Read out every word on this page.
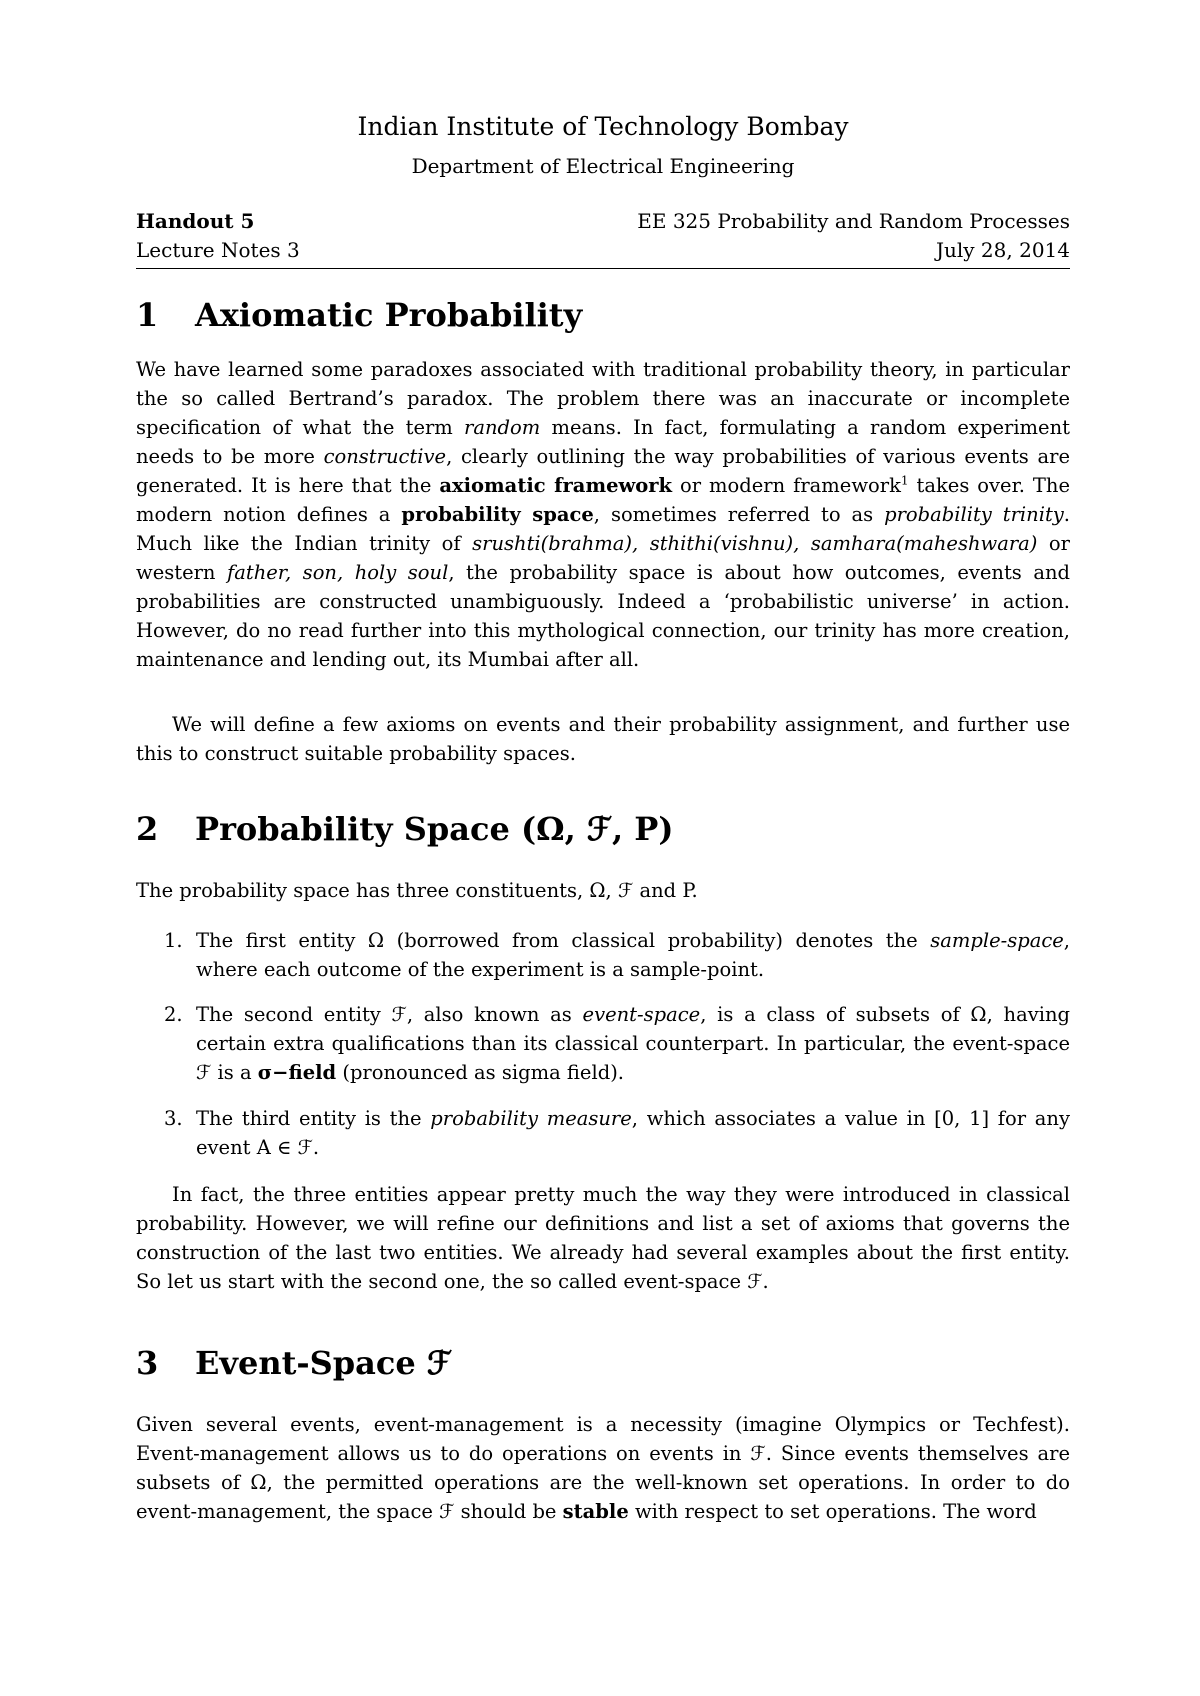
Indian Institute of Technology Bombay
Department of Electrical Engineering
Handout 5	EE 325 Probability and Random Processes
Lecture Notes 3	July 28, 2014
1 Axiomatic Probability

We have learned some paradoxes associated with traditional probability theory, in particular the so called Bertrand’s paradox. The problem there was an inaccurate or incomplete specification of what the term random means. In fact, formulating a random experiment needs to be more constructive, clearly outlining the way probabilities of various events are generated. It is here that the axiomatic framework or modern framework$^1$ takes over. The modern notion defines a probability space, sometimes referred to as probability trinity. Much like the Indian trinity of srushti(brahma), sthithi(vishnu), samhara(maheshwara) or western father, son, holy soul, the probability space is about how outcomes, events and probabilities are constructed unambiguously. Indeed a ‘probabilistic universe’ in action. However, do no read further into this mythological connection, our trinity has more creation, maintenance and lending out, its Mumbai after all.

We will define a few axioms on events and their probability assignment, and further use this to construct suitable probability spaces.

2 Probability Space (Ω, ℱ, P)

The probability space has three constituents, Ω, ℱ and P.

1. The first entity Ω (borrowed from classical probability) denotes the sample-space, where each outcome of the experiment is a sample-point.
2. The second entity ℱ, also known as event-space, is a class of subsets of Ω, having certain extra qualifications than its classical counterpart. In particular, the event-space ℱ is a σ−field (pronounced as sigma field).
3. The third entity is the probability measure, which associates a value in [0, 1] for any event A ∈ ℱ.

In fact, the three entities appear pretty much the way they were introduced in classical probability. However, we will refine our definitions and list a set of axioms that governs the construction of the last two entities. We already had several examples about the first entity. So let us start with the second one, the so called event-space ℱ.

3 Event-Space ℱ

Given several events, event-management is a necessity (imagine Olympics or Techfest). Event-management allows us to do operations on events in ℱ. Since events themselves are subsets of Ω, the permitted operations are the well-known set operations. In order to do event-management, the space ℱ should be stable with respect to set operations. The word
